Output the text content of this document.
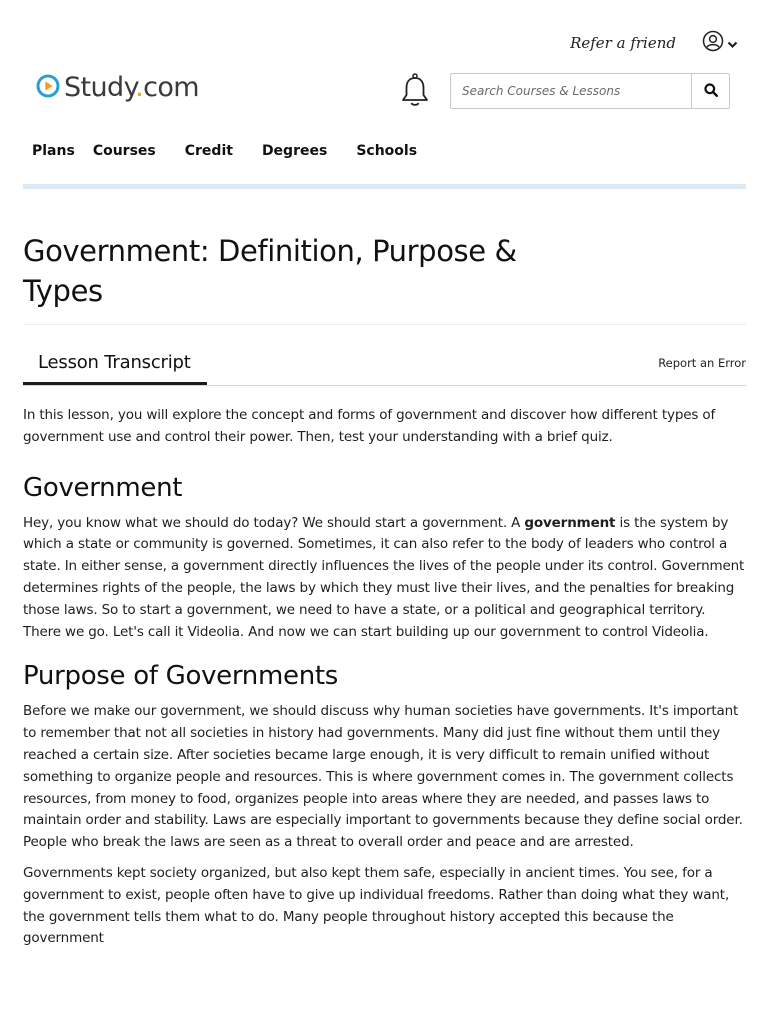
Refer a friend
Study.com
Search Courses & Lessons
Plans Courses Credit Degrees Schools
Government: Definition, Purpose & Types
Lesson Transcript	Report an Error

In this lesson, you will explore the concept and forms of government and discover how different types of government use and control their power. Then, test your understanding with a brief quiz.

Government

Hey, you know what we should do today? We should start a government. A government is the system by which a state or community is governed. Sometimes, it can also refer to the body of leaders who control a state. In either sense, a government directly influences the lives of the people under its control. Government determines rights of the people, the laws by which they must live their lives, and the penalties for breaking those laws. So to start a government, we need to have a state, or a political and geographical territory. There we go. Let's call it Videolia. And now we can start building up our government to control Videolia.

Purpose of Governments

Before we make our government, we should discuss why human societies have governments. It's important to remember that not all societies in history had governments. Many did just fine without them until they reached a certain size. After societies became large enough, it is very difficult to remain unified without something to organize people and resources. This is where government comes in. The government collects resources, from money to food, organizes people into areas where they are needed, and passes laws to maintain order and stability. Laws are especially important to governments because they define social order. People who break the laws are seen as a threat to overall order and peace and are arrested.

Governments kept society organized, but also kept them safe, especially in ancient times. You see, for a government to exist, people often have to give up individual freedoms. Rather than doing what they want, the government tells them what to do. Many people throughout history accepted this because the government
